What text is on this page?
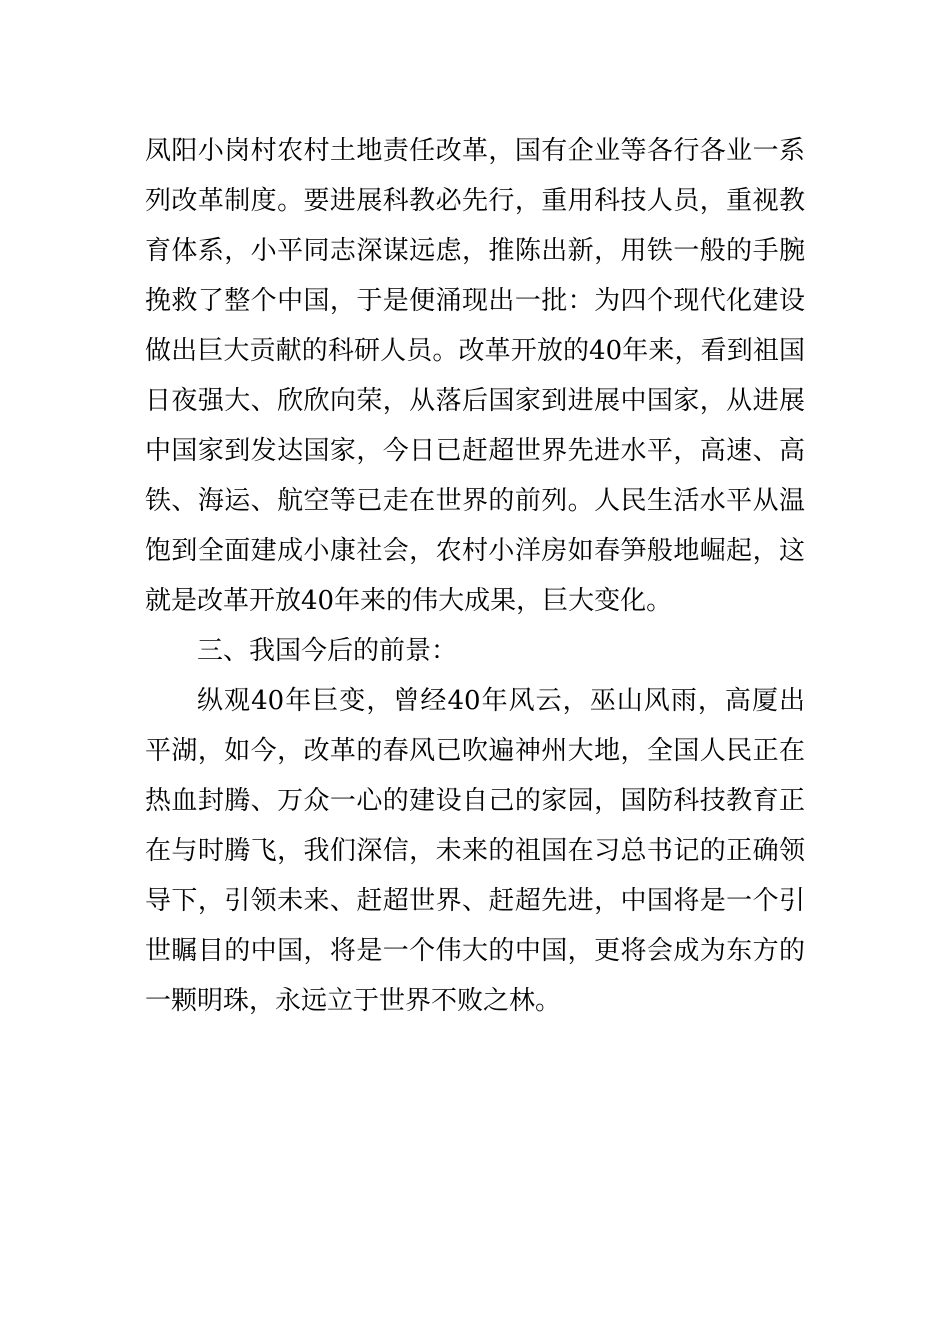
凤阳小岗村农村土地责任改革，国有企业等各行各业一系列改革制度。要进展科教必先行，重用科技人员，重视教育体系，小平同志深谋远虑，推陈出新，用铁一般的手腕挽救了整个中国，于是便涌现出一批：为四个现代化建设做出巨大贡献的科研人员。改革开放的40年来，看到祖国日夜强大、欣欣向荣，从落后国家到进展中国家，从进展中国家到发达国家，今日已赶超世界先进水平，高速、高铁、海运、航空等已走在世界的前列。人民生活水平从温饱到全面建成小康社会，农村小洋房如春笋般地崛起，这就是改革开放40年来的伟大成果，巨大变化。

三、我国今后的前景：

纵观40年巨变，曾经40年风云，巫山风雨，高厦出平湖，如今，改革的春风已吹遍神州大地，全国人民正在热血封腾、万众一心的建设自己的家园，国防科技教育正在与时腾飞，我们深信，未来的祖国在习总书记的正确领导下，引领未来、赶超世界、赶超先进，中国将是一个引世瞩目的中国，将是一个伟大的中国，更将会成为东方的一颗明珠，永远立于世界不败之林。
